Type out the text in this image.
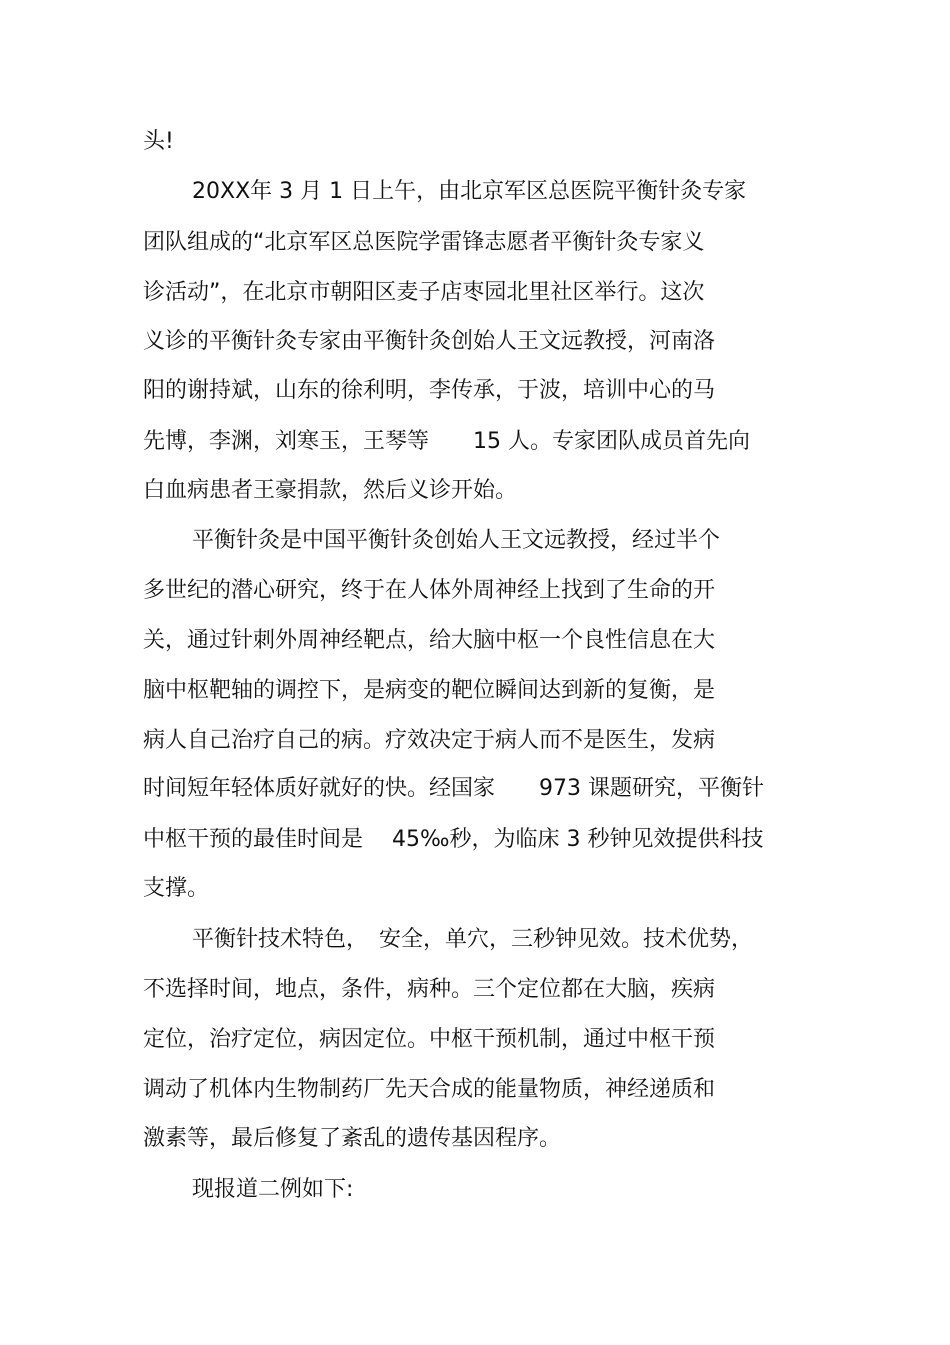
头!
20XX年 3 月 1 日上午，由北京军区总医院平衡针灸专家
团队组成的“北京军区总医院学雷锋志愿者平衡针灸专家义
诊活动”，在北京市朝阳区麦子店枣园北里社区举行。这次
义诊的平衡针灸专家由平衡针灸创始人王文远教授，河南洛
阳的谢持斌，山东的徐利明，李传承，于波，培训中心的马
先博，李渊，刘寒玉，王琴等　　15 人。专家团队成员首先向
白血病患者王豪捐款，然后义诊开始。
平衡针灸是中国平衡针灸创始人王文远教授，经过半个
多世纪的潜心研究，终于在人体外周神经上找到了生命的开
关，通过针刺外周神经靶点，给大脑中枢一个良性信息在大
脑中枢靶轴的调控下，是病变的靶位瞬间达到新的复衡，是
病人自己治疗自己的病。疗效决定于病人而不是医生，发病
时间短年轻体质好就好的快。经国家　　973 课题研究，平衡针
中枢干预的最佳时间是　 45‰秒，为临床 3 秒钟见效提供科技
支撑。
平衡针技术特色，　安全，单穴，三秒钟见效。技术优势，
不选择时间，地点，条件，病种。三个定位都在大脑，疾病
定位，治疗定位，病因定位。中枢干预机制，通过中枢干预
调动了机体内生物制药厂先天合成的能量物质，神经递质和
激素等，最后修复了紊乱的遗传基因程序。
现报道二例如下:
